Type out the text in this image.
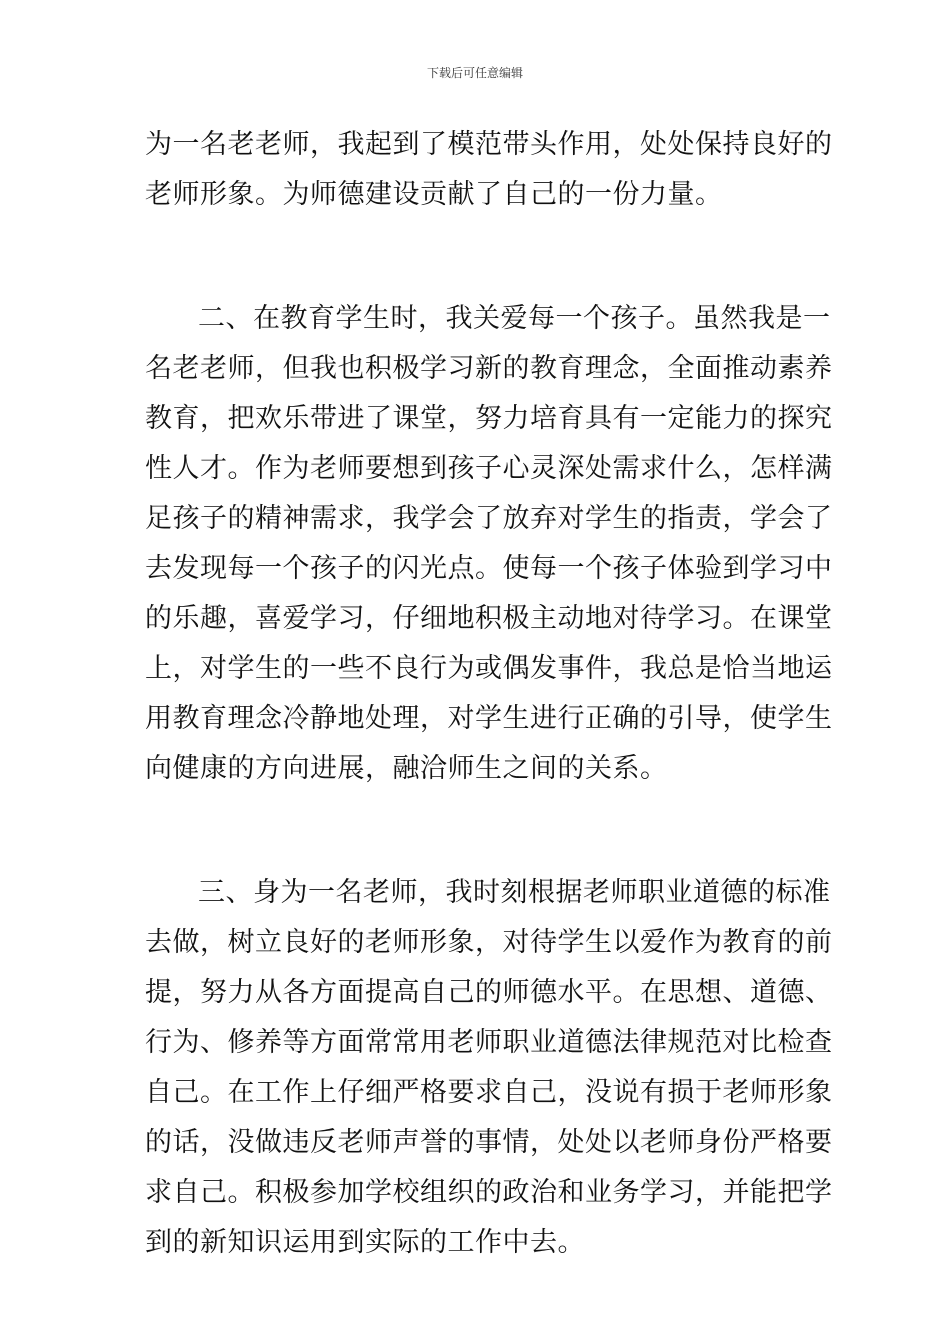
下载后可任意编辑
为一名老老师，我起到了模范带头作用，处处保持良好的
老师形象。为师德建设贡献了自己的一份力量。
二、在教育学生时，我关爱每一个孩子。虽然我是一
名老老师，但我也积极学习新的教育理念，全面推动素养
教育，把欢乐带进了课堂，努力培育具有一定能力的探究
性人才。作为老师要想到孩子心灵深处需求什么，怎样满
足孩子的精神需求，我学会了放弃对学生的指责，学会了
去发现每一个孩子的闪光点。使每一个孩子体验到学习中
的乐趣，喜爱学习，仔细地积极主动地对待学习。在课堂
上，对学生的一些不良行为或偶发事件，我总是恰当地运
用教育理念冷静地处理，对学生进行正确的引导，使学生
向健康的方向进展，融洽师生之间的关系。
三、身为一名老师，我时刻根据老师职业道德的标准
去做，树立良好的老师形象，对待学生以爱作为教育的前
提，努力从各方面提高自己的师德水平。在思想、道德、
行为、修养等方面常常用老师职业道德法律规范对比检查
自己。在工作上仔细严格要求自己，没说有损于老师形象
的话，没做违反老师声誉的事情，处处以老师身份严格要
求自己。积极参加学校组织的政治和业务学习，并能把学
到的新知识运用到实际的工作中去。
